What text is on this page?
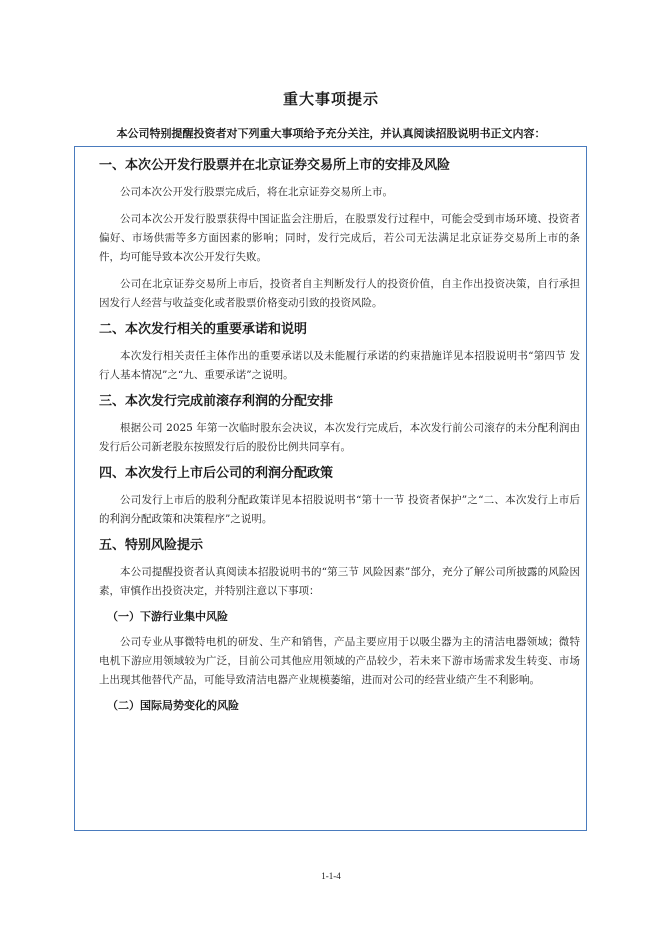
重大事项提示
本公司特别提醒投资者对下列重大事项给予充分关注，并认真阅读招股说明书正文内容：
一、本次公开发行股票并在北京证券交易所上市的安排及风险

公司本次公开发行股票完成后，将在北京证券交易所上市。

公司本次公开发行股票获得中国证监会注册后，在股票发行过程中，可能会受到市场环境、投资者偏好、市场供需等多方面因素的影响；同时，发行完成后，若公司无法满足北京证券交易所上市的条件，均可能导致本次公开发行失败。

公司在北京证券交易所上市后，投资者自主判断发行人的投资价值，自主作出投资决策，自行承担因发行人经营与收益变化或者股票价格变动引致的投资风险。

二、本次发行相关的重要承诺和说明

本次发行相关责任主体作出的重要承诺以及未能履行承诺的约束措施详见本招股说明书“第四节 发行人基本情况”之“九、重要承诺”之说明。

三、本次发行完成前滚存利润的分配安排

根据公司 2025 年第一次临时股东会决议，本次发行完成后，本次发行前公司滚存的未分配利润由发行后公司新老股东按照发行后的股份比例共同享有。

四、本次发行上市后公司的利润分配政策

公司发行上市后的股利分配政策详见本招股说明书“第十一节 投资者保护”之“二、本次发行上市后的利润分配政策和决策程序”之说明。

五、特别风险提示

本公司提醒投资者认真阅读本招股说明书的“第三节 风险因素”部分，充分了解公司所披露的风险因素，审慎作出投资决定，并特别注意以下事项：

（一）下游行业集中风险

公司专业从事微特电机的研发、生产和销售，产品主要应用于以吸尘器为主的清洁电器领域；微特电机下游应用领域较为广泛，目前公司其他应用领域的产品较少，若未来下游市场需求发生转变、市场上出现其他替代产品，可能导致清洁电器产业规模萎缩，进而对公司的经营业绩产生不利影响。

（二）国际局势变化的风险
1-1-4
